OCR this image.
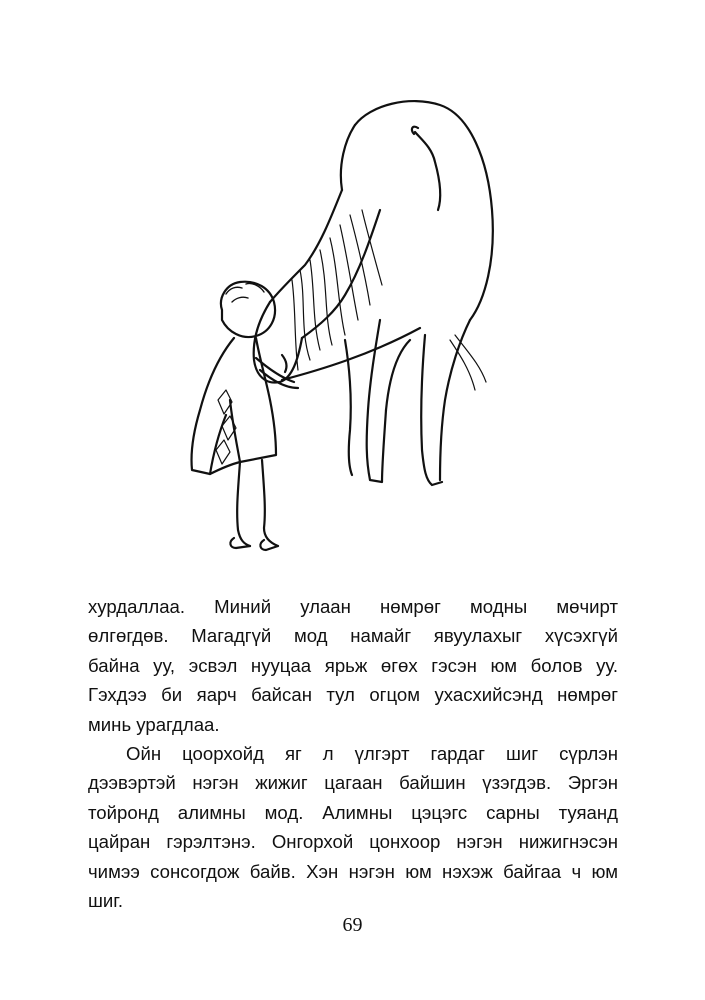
хурдаллаа. Миний улаан нөмрөг модны мөчирт
өлгөгдөв. Магадгүй мод намайг явуулахыг хүсэхгүй
байна уу, эсвэл нууцаа ярьж өгөх гэсэн юм болов уу.
Гэхдээ би яарч байсан тул огцом ухасхийсэнд нөмрөг
минь урагдлаа.
Ойн цоорхойд яг л үлгэрт гардаг шиг сүрлэн
дээвэртэй нэгэн жижиг цагаан байшин үзэгдэв. Эргэн
тойронд алимны мод. Алимны цэцэгс сарны туяанд
цайран гэрэлтэнэ. Онгорхой цонхоор нэгэн нижигнэсэн
чимээ сонсогдож байв. Хэн нэгэн юм нэхэж байгаа ч юм
шиг.
69
